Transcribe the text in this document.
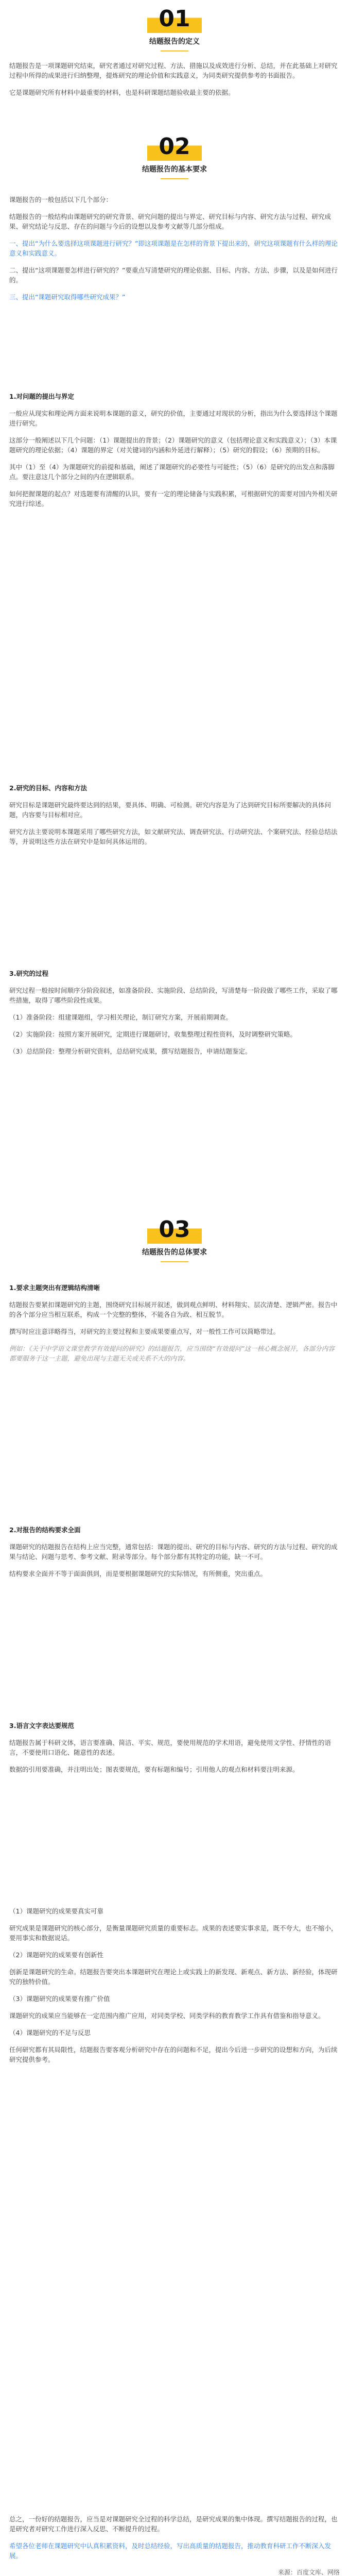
01
结题报告的定义

结题报告是一项课题研究结束，研究者通过对研究过程、方法、措施以及成效进行分析、总结，并在此基础上对研究过程中所得的成果进行归纳整理，提炼研究的理论价值和实践意义，为同类研究提供参考的书面报告。

它是课题研究所有材料中最重要的材料，也是科研课题结题验收最主要的依据。

02
结题报告的基本要求

课题报告的一般包括以下几个部分：

结题报告的一般结构由课题研究的研究背景、研究问题的提出与界定、研究目标与内容、研究方法与过程、研究成果、研究结论与反思、存在的问题与今后的设想以及参考文献等几部分组成。

一、提出“为什么要选择这项课题进行研究？”即这项课题是在怎样的背景下提出来的，研究这项课题有什么样的理论意义和实践意义。

二、提出“这项课题要怎样进行研究的？”要重点写清楚研究的理论依据、目标、内容、方法、步骤，以及是如何进行的。

三、提出“课题研究取得哪些研究成果？”

1.对问题的提出与界定

一般应从现实和理论两方面来说明本课题的意义，研究的价值，主要通过对现状的分析，指出为什么要选择这个课题进行研究。

这部分一般阐述以下几个问题：（1）课题提出的背景；（2）课题研究的意义（包括理论意义和实践意义）；（3）本课题研究的理论依据；（4）课题的界定（对关键词的内涵和外延进行解释）；（5）研究的假设；（6）预期的目标。

其中（1）至（4）为课题研究的前提和基础，阐述了课题研究的必要性与可能性；（5）（6）是研究的出发点和落脚点。要注意这几个部分之间的内在逻辑联系。

如何把握课题的起点？对选题要有清醒的认识，要有一定的理论储备与实践积累，可根据研究的需要对国内外相关研究进行综述。

2.研究的目标、内容和方法

研究目标是课题研究最终要达到的结果，要具体、明确、可检测。研究内容是为了达到研究目标所要解决的具体问题，内容要与目标相对应。

研究方法主要说明本课题采用了哪些研究方法，如文献研究法、调查研究法、行动研究法、个案研究法、经验总结法等，并说明这些方法在研究中是如何具体运用的。

3.研究的过程

研究过程一般按时间顺序分阶段叙述，如准备阶段、实施阶段、总结阶段，写清楚每一阶段做了哪些工作，采取了哪些措施，取得了哪些阶段性成果。

（1）准备阶段：组建课题组，学习相关理论，制订研究方案，开展前期调查。

（2）实施阶段：按照方案开展研究，定期进行课题研讨，收集整理过程性资料，及时调整研究策略。

（3）总结阶段：整理分析研究资料，总结研究成果，撰写结题报告，申请结题鉴定。

03
结题报告的总体要求

1.要求主题突出有逻辑结构清晰

结题报告要紧扣课题研究的主题，围绕研究目标展开叙述，做到观点鲜明、材料翔实、层次清楚、逻辑严密。报告中的各个部分应当相互联系，构成一个完整的整体，不能各自为政、相互脱节。

撰写时应注意详略得当，对研究的主要过程和主要成果要重点写，对一般性工作可以简略带过。

例如：《关于中学语文课堂教学有效提问的研究》的结题报告，应当围绕“有效提问”这一核心概念展开，各部分内容都要服务于这一主题，避免出现与主题无关或关系不大的内容。

2.对报告的结构要求全面

课题研究的结题报告在结构上应当完整，通常包括：课题的提出、研究的目标与内容、研究的方法与过程、研究的成果与结论、问题与思考、参考文献、附录等部分。每个部分都有其特定的功能，缺一不可。

结构要求全面并不等于面面俱到，而是要根据课题研究的实际情况，有所侧重，突出重点。

3.语言文字表达要规范

结题报告属于科研文体，语言要准确、简洁、平实、规范，要使用规范的学术用语，避免使用文学性、抒情性的语言，不要使用口语化、随意性的表述。

数据的引用要准确，并注明出处；图表要规范，要有标题和编号；引用他人的观点和材料要注明来源。

（1）课题研究的成果要真实可靠

研究成果是课题研究的核心部分，是衡量课题研究质量的重要标志。成果的表述要实事求是，既不夸大，也不缩小，要用事实和数据说话。

（2）课题研究的成果要有创新性

创新是课题研究的生命。结题报告要突出本课题研究在理论上或实践上的新发现、新观点、新方法、新经验，体现研究的独特价值。

（3）课题研究的成果要有推广价值

课题研究的成果应当能够在一定范围内推广应用，对同类学校、同类学科的教育教学工作具有借鉴和指导意义。

（4）课题研究的不足与反思

任何研究都有其局限性，结题报告要客观分析研究中存在的问题和不足，提出今后进一步研究的设想和方向，为后续研究提供参考。

总之，一份好的结题报告，应当是对课题研究全过程的科学总结，是研究成果的集中体现。撰写结题报告的过程，也是研究者对研究工作进行深入反思、不断提升的过程。

希望各位老师在课题研究中认真积累资料，及时总结经验，写出高质量的结题报告，推动教育科研工作不断深入发展。

来源：百度文库、网络
